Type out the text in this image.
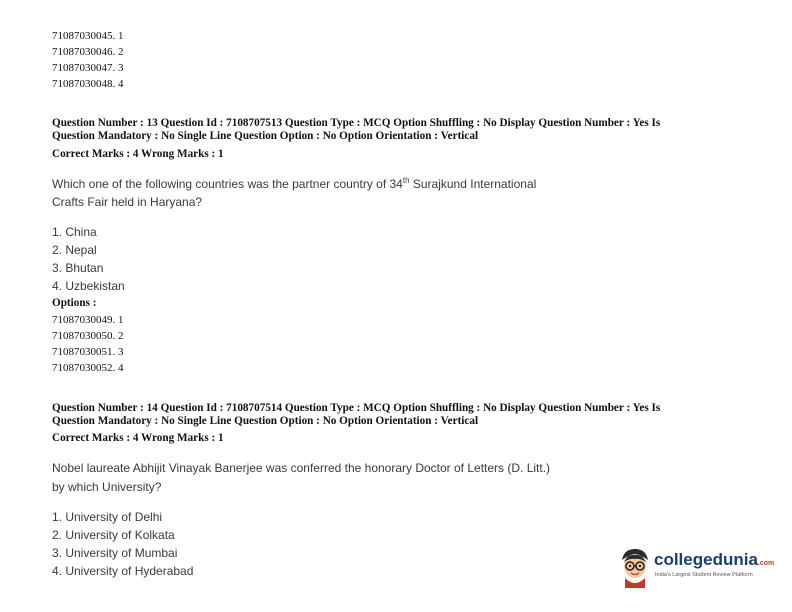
71087030045. 1
71087030046. 2
71087030047. 3
71087030048. 4
Question Number : 13 Question Id : 7108707513 Question Type : MCQ Option Shuffling : No Display Question Number : Yes Is
Question Mandatory : No Single Line Question Option : No Option Orientation : Vertical
Correct Marks : 4 Wrong Marks : 1
Which one of the following countries was the partner country of 34th Surajkund International
Crafts Fair held in Haryana?
1. China
2. Nepal
3. Bhutan
4. Uzbekistan
Options :
71087030049. 1
71087030050. 2
71087030051. 3
71087030052. 4
Question Number : 14 Question Id : 7108707514 Question Type : MCQ Option Shuffling : No Display Question Number : Yes Is
Question Mandatory : No Single Line Question Option : No Option Orientation : Vertical
Correct Marks : 4 Wrong Marks : 1
Nobel laureate Abhijit Vinayak Banerjee was conferred the honorary Doctor of Letters (D. Litt.)
by which University?
1. University of Delhi
2. University of Kolkata
3. University of Mumbai
4. University of Hyderabad
collegedunia.com
India's Largest Student Review Platform
